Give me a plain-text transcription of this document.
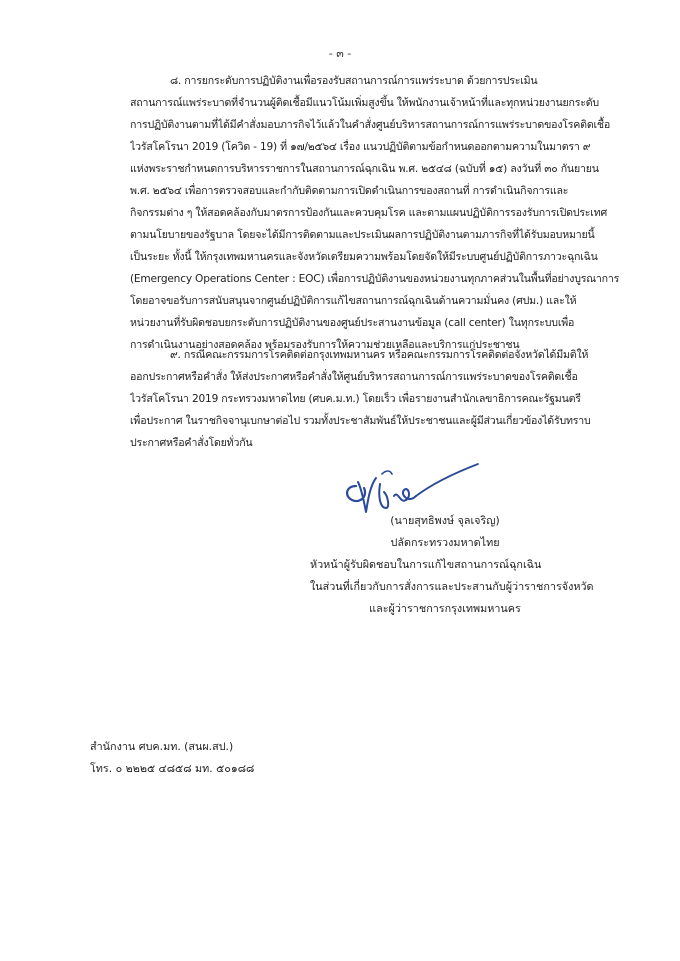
- ๓ -
๘. การยกระดับการปฏิบัติงานเพื่อรองรับสถานการณ์การแพร่ระบาด ด้วยการประเมิน
สถานการณ์แพร่ระบาดที่จำนวนผู้ติดเชื้อมีแนวโน้มเพิ่มสูงขึ้น ให้พนักงานเจ้าหน้าที่และทุกหน่วยงานยกระดับ
การปฏิบัติงานตามที่ได้มีคำสั่งมอบภารกิจไว้แล้วในคำสั่งศูนย์บริหารสถานการณ์การแพร่ระบาดของโรคติดเชื้อ
ไวรัสโคโรนา 2019 (โควิด - 19) ที่ ๑๗/๒๕๖๔ เรื่อง แนวปฏิบัติตามข้อกำหนดออกตามความในมาตรา ๙
แห่งพระราชกำหนดการบริหารราชการในสถานการณ์ฉุกเฉิน พ.ศ. ๒๕๔๘ (ฉบับที่ ๑๕) ลงวันที่ ๓๐ กันยายน
พ.ศ. ๒๕๖๔ เพื่อการตรวจสอบและกำกับติดตามการเปิดดำเนินการของสถานที่ การดำเนินกิจการและ
กิจกรรมต่าง ๆ ให้สอดคล้องกับมาตรการป้องกันและควบคุมโรค และตามแผนปฏิบัติการรองรับการเปิดประเทศ
ตามนโยบายของรัฐบาล โดยจะได้มีการติดตามและประเมินผลการปฏิบัติงานตามภารกิจที่ได้รับมอบหมายนี้
เป็นระยะ ทั้งนี้ ให้กรุงเทพมหานครและจังหวัดเตรียมความพร้อมโดยจัดให้มีระบบศูนย์ปฏิบัติการภาวะฉุกเฉิน
(Emergency Operations Center : EOC) เพื่อการปฏิบัติงานของหน่วยงานทุกภาคส่วนในพื้นที่อย่างบูรณาการ
โดยอาจขอรับการสนับสนุนจากศูนย์ปฏิบัติการแก้ไขสถานการณ์ฉุกเฉินด้านความมั่นคง (ศปม.) และให้
หน่วยงานที่รับผิดชอบยกระดับการปฏิบัติงานของศูนย์ประสานงานข้อมูล (call center) ในทุกระบบเพื่อ
การดำเนินงานอย่างสอดคล้อง พร้อมรองรับการให้ความช่วยเหลือและบริการแก่ประชาชน
๙. กรณีคณะกรรมการโรคติดต่อกรุงเทพมหานคร หรือคณะกรรมการโรคติดต่อจังหวัดได้มีมติให้
ออกประกาศหรือคำสั่ง ให้ส่งประกาศหรือคำสั่งให้ศูนย์บริหารสถานการณ์การแพร่ระบาดของโรคติดเชื้อ
ไวรัสโคโรนา 2019 กระทรวงมหาดไทย (ศบค.ม.ท.) โดยเร็ว เพื่อรายงานสำนักเลขาธิการคณะรัฐมนตรี
เพื่อประกาศ ในราชกิจจานุเบกษาต่อไป รวมทั้งประชาสัมพันธ์ให้ประชาชนและผู้มีส่วนเกี่ยวข้องได้รับทราบ
ประกาศหรือคำสั่งโดยทั่วกัน
(นายสุทธิพงษ์ จุลเจริญ)
ปลัดกระทรวงมหาดไทย
หัวหน้าผู้รับผิดชอบในการแก้ไขสถานการณ์ฉุกเฉิน
ในส่วนที่เกี่ยวกับการสั่งการและประสานกับผู้ว่าราชการจังหวัด
และผู้ว่าราชการกรุงเทพมหานคร
สำนักงาน ศบค.มท. (สนผ.สป.)
โทร. ๐ ๒๒๒๕ ๔๘๕๘ มท. ๕๐๑๘๘
